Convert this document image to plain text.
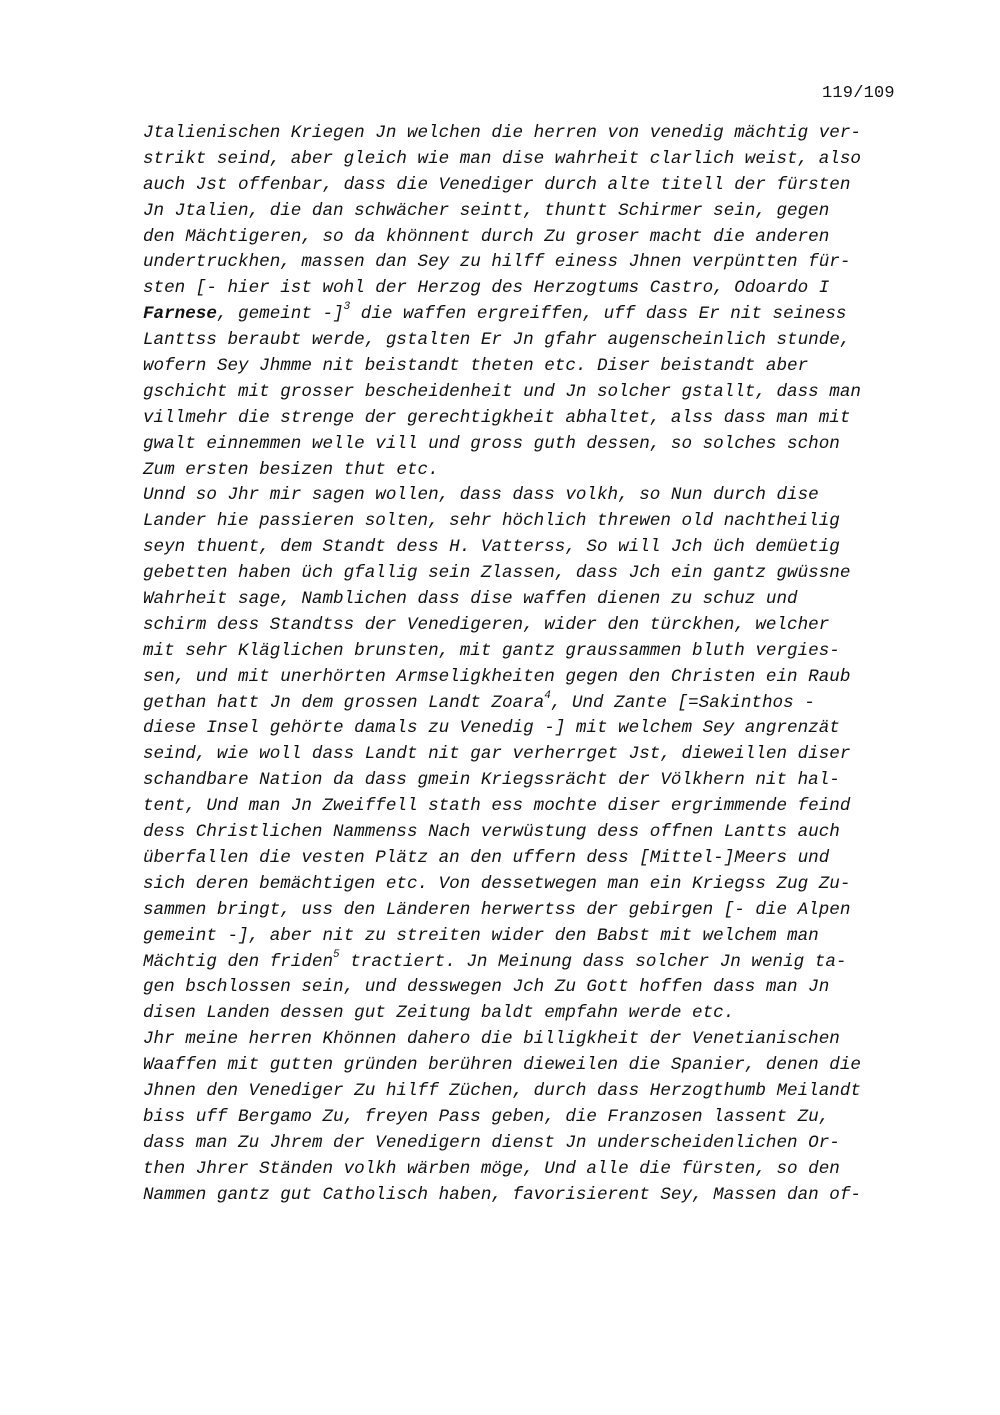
119/109
Jtalienischen Kriegen Jn welchen die herren von venedig mächtig ver-
strikt seind, aber gleich wie man dise wahrheit clarlich weist, also
auch Jst offenbar, dass die Venediger durch alte titell der fürsten
Jn Jtalien, die dan schwächer seintt, thuntt Schirmer sein, gegen
den Mächtigeren, so da khönnent durch Zu groser macht die anderen
undertruckhen, massen dan Sey zu hilff einess Jhnen verpüntten für-
sten [- hier ist wohl der Herzog des Herzogtums Castro, Odoardo I
Farnese, gemeint -]$^3$ die waffen ergreiffen, uff dass Er nit seiness
Lanttss beraubt werde, gstalten Er Jn gfahr augenscheinlich stunde,
wofern Sey Jhmme nit beistandt theten etc. Diser beistandt aber
gschicht mit grosser bescheidenheit und Jn solcher gstallt, dass man
villmehr die strenge der gerechtigkheit abhaltet, alss dass man mit
gwalt einnemmen welle vill und gross guth dessen, so solches schon
Zum ersten besizen thut etc.
Unnd so Jhr mir sagen wollen, dass dass volkh, so Nun durch dise
Lander hie passieren solten, sehr höchlich threwen old nachtheilig
seyn thuent, dem Standt dess H. Vatterss, So will Jch üch demüetig
gebetten haben üch gfallig sein Zlassen, dass Jch ein gantz gwüssne
Wahrheit sage, Namblichen dass dise waffen dienen zu schuz und
schirm dess Standtss der Venedigeren, wider den türckhen, welcher
mit sehr Kläglichen brunsten, mit gantz graussammen bluth vergies-
sen, und mit unerhörten Armseligkheiten gegen den Christen ein Raub
gethan hatt Jn dem grossen Landt Zoara$^4$, Und Zante [=Sakinthos -
diese Insel gehörte damals zu Venedig -] mit welchem Sey angrenzät
seind, wie woll dass Landt nit gar verherrget Jst, dieweillen diser
schandbare Nation da dass gmein Kriegssrächt der Völkhern nit hal-
tent, Und man Jn Zweiffell stath ess mochte diser ergrimmende feind
dess Christlichen Nammenss Nach verwüstung dess offnen Lantts auch
überfallen die vesten Plätz an den uffern dess [Mittel-]Meers und
sich deren bemächtigen etc. Von dessetwegen man ein Kriegss Zug Zu-
sammen bringt, uss den Länderen herwertss der gebirgen [- die Alpen
gemeint -], aber nit zu streiten wider den Babst mit welchem man
Mächtig den friden$^5$ tractiert. Jn Meinung dass solcher Jn wenig ta-
gen bschlossen sein, und desswegen Jch Zu Gott hoffen dass man Jn
disen Landen dessen gut Zeitung baldt empfahn werde etc.
Jhr meine herren Khönnen dahero die billigkheit der Venetianischen
Waaffen mit gutten gründen berühren dieweilen die Spanier, denen die
Jhnen den Venediger Zu hilff Züchen, durch dass Herzogthumb Meilandt
biss uff Bergamo Zu, freyen Pass geben, die Franzosen lassent Zu,
dass man Zu Jhrem der Venedigern dienst Jn underscheidenlichen Or-
then Jhrer Ständen volkh wärben möge, Und alle die fürsten, so den
Nammen gantz gut Catholisch haben, favorisierent Sey, Massen dan of-
